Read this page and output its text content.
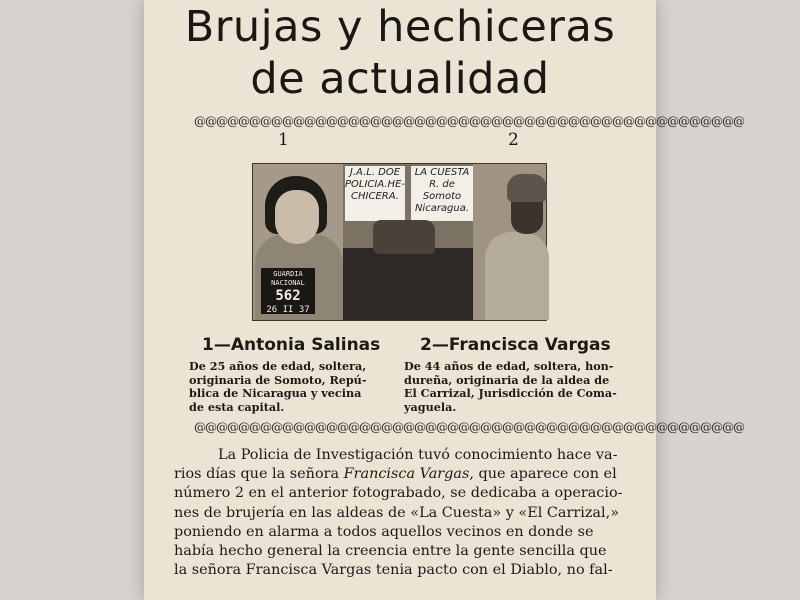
Brujas y hechiceras
de actualidad
@@@@@@@@@@@@@@@@@@@@@@@@@@@@@@@@@@@@@@@@@@@@@@@@@@
1	2
J.A.L. DOE
POLICIA.HE-
CHICERA.
LA CUESTA
R. de Somoto
Nicaragua.
GUARDIA NACIONAL
562
26 II 37
1—Antonia Salinas 2—Francisca Vargas
De 25 años de edad, soltera,
originaria de Somoto, Repú-
blica de Nicaragua y vecina
de esta capital.
De 44 años de edad, soltera, hon-
dureña, originaria de la aldea de
El Carrizal, Jurisdicción de Coma-
yaguela.
@@@@@@@@@@@@@@@@@@@@@@@@@@@@@@@@@@@@@@@@@@@@@@@@@@
La Policia de Investigación tuvó conocimiento hace va-
rios días que la señora Francisca Vargas, que aparece con el
número 2 en el anterior fotograbado, se dedicaba a operacio-
nes de brujería en las aldeas de «La Cuesta» y «El Carrizal,»
poniendo en alarma a todos aquellos vecinos en donde se
había hecho general la creencia entre la gente sencilla que
la señora Francisca Vargas tenia pacto con el Diablo, no fal-
